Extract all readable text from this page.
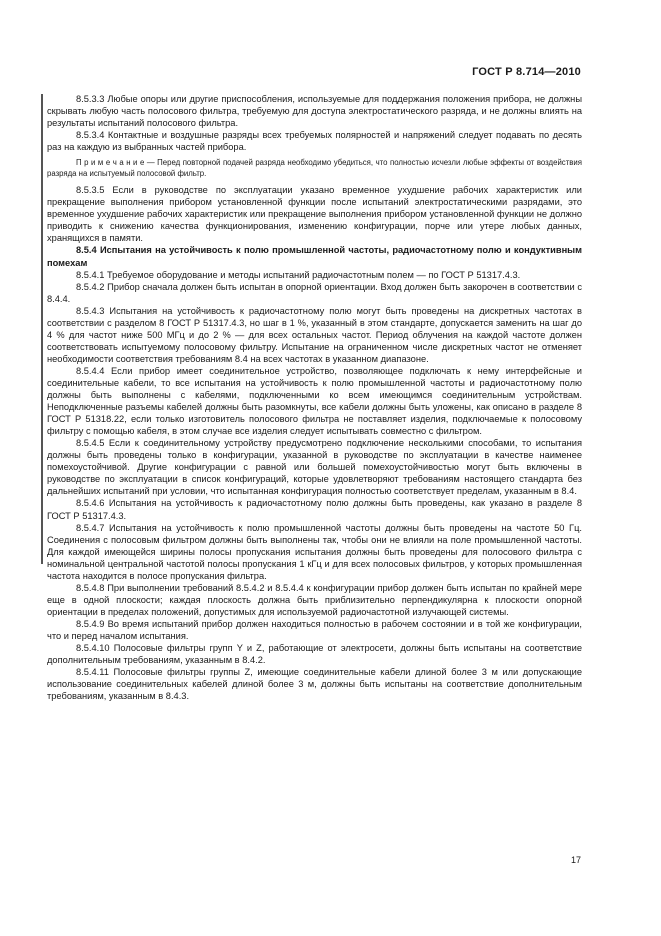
ГОСТ Р 8.714—2010

8.5.3.3 Любые опоры или другие приспособления, используемые для поддержания положения прибора, не должны скрывать любую часть полосового фильтра, требуемую для доступа электростатического разряда, и не должны влиять на результаты испытаний полосового фильтра.

8.5.3.4 Контактные и воздушные разряды всех требуемых полярностей и напряжений следует подавать по десять раз на каждую из выбранных частей прибора.

П р и м е ч а н и е — Перед повторной подачей разряда необходимо убедиться, что полностью исчезли любые эффекты от воздействия разряда на испытуемый полосовой фильтр.

8.5.3.5 Если в руководстве по эксплуатации указано временное ухудшение рабочих характеристик или прекращение выполнения прибором установленной функции после испытаний электростатическими разрядами, это временное ухудшение рабочих характеристик или прекращение выполнения прибором установленной функции не должно приводить к снижению качества функционирования, изменению конфигурации, порче или утере любых данных, хранящихся в памяти.

8.5.4 Испытания на устойчивость к полю промышленной частоты, радиочастотному полю и кондуктивным помехам

8.5.4.1 Требуемое оборудование и методы испытаний радиочастотным полем — по ГОСТ Р 51317.4.3.

8.5.4.2 Прибор сначала должен быть испытан в опорной ориентации. Вход должен быть закорочен в соответствии с 8.4.4.

8.5.4.3 Испытания на устойчивость к радиочастотному полю могут быть проведены на дискретных частотах в соответствии с разделом 8 ГОСТ Р 51317.4.3, но шаг в 1 %, указанный в этом стандарте, допускается заменить на шаг до 4 % для частот ниже 500 МГц и до 2 % — для всех остальных частот. Период облучения на каждой частоте должен соответствовать испытуемому полосовому фильтру. Испытание на ограниченном числе дискретных частот не отменяет необходимости соответствия требованиям 8.4 на всех частотах в указанном диапазоне.

8.5.4.4 Если прибор имеет соединительное устройство, позволяющее подключать к нему интерфейсные и соединительные кабели, то все испытания на устойчивость к полю промышленной частоты и радиочастотному полю должны быть выполнены с кабелями, подключенными ко всем имеющимся соединительным устройствам. Неподключенные разъемы кабелей должны быть разомкнуты, все кабели должны быть уложены, как описано в разделе 8 ГОСТ Р 51318.22, если только изготовитель полосового фильтра не поставляет изделия, подключаемые к полосовому фильтру с помощью кабеля, в этом случае все изделия следует испытывать совместно с фильтром.

8.5.4.5 Если к соединительному устройству предусмотрено подключение несколькими способами, то испытания должны быть проведены только в конфигурации, указанной в руководстве по эксплуатации в качестве наименее помехоустойчивой. Другие конфигурации с равной или большей помехоустойчивостью могут быть включены в руководстве по эксплуатации в список конфигураций, которые удовлетворяют требованиям настоящего стандарта без дальнейших испытаний при условии, что испытанная конфигурация полностью соответствует пределам, указанным в 8.4.

8.5.4.6 Испытания на устойчивость к радиочастотному полю должны быть проведены, как указано в разделе 8 ГОСТ Р 51317.4.3.

8.5.4.7 Испытания на устойчивость к полю промышленной частоты должны быть проведены на частоте 50 Гц. Соединения с полосовым фильтром должны быть выполнены так, чтобы они не влияли на поле промышленной частоты. Для каждой имеющейся ширины полосы пропускания испытания должны быть проведены для полосового фильтра с номинальной центральной частотой полосы пропускания 1 кГц и для всех полосовых фильтров, у которых промышленная частота находится в полосе пропускания фильтра.

8.5.4.8 При выполнении требований 8.5.4.2 и 8.5.4.4 к конфигурации прибор должен быть испытан по крайней мере еще в одной плоскости; каждая плоскость должна быть приблизительно перпендикулярна к плоскости опорной ориентации в пределах положений, допустимых для используемой радиочастотной излучающей системы.

8.5.4.9 Во время испытаний прибор должен находиться полностью в рабочем состоянии и в той же конфигурации, что и перед началом испытания.

8.5.4.10 Полосовые фильтры групп Y и Z, работающие от электросети, должны быть испытаны на соответствие дополнительным требованиям, указанным в 8.4.2.

8.5.4.11 Полосовые фильтры группы Z, имеющие соединительные кабели длиной более 3 м или допускающие использование соединительных кабелей длиной более 3 м, должны быть испытаны на соответствие дополнительным требованиям, указанным в 8.4.3.

17
